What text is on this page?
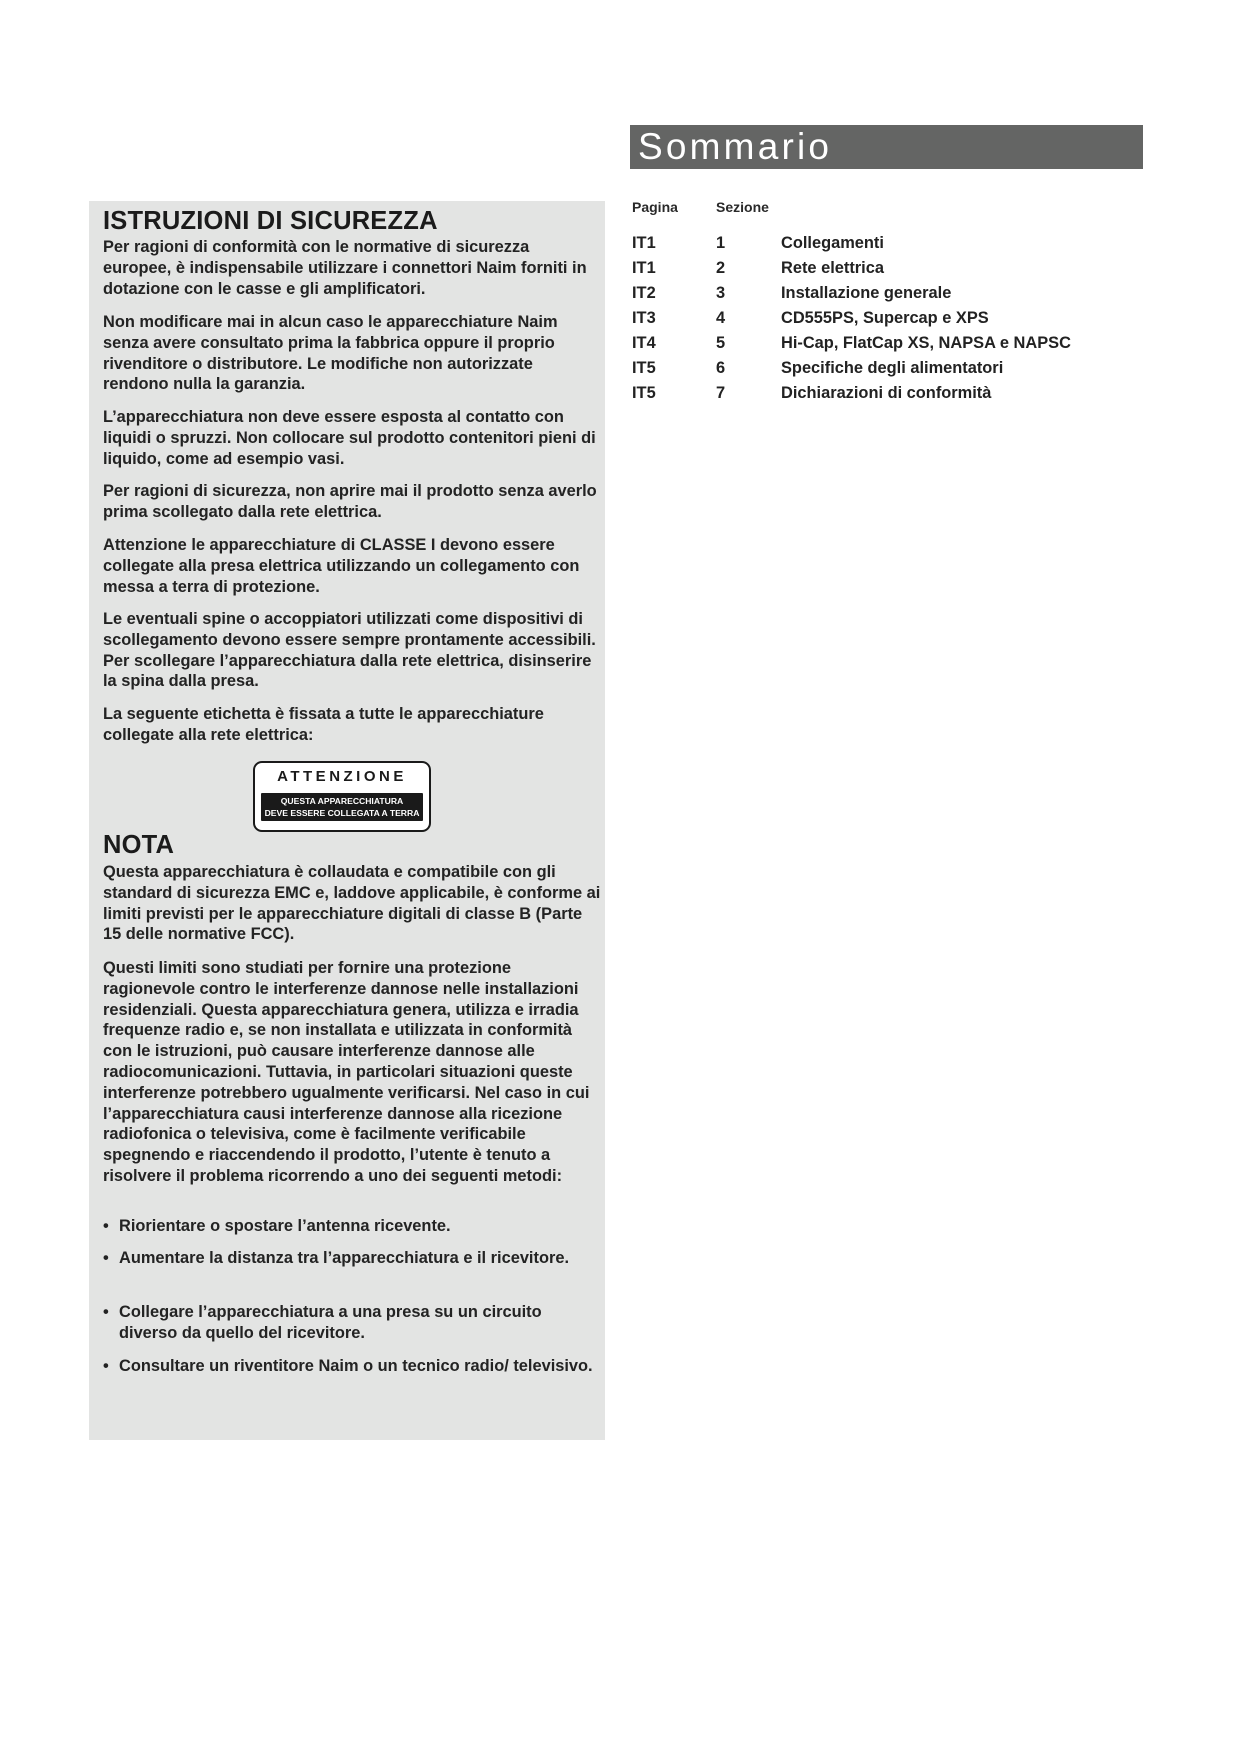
Sommario
Pagina	Sezione
IT1	1	Collegamenti
IT1	2	Rete elettrica
IT2	3	Installazione generale
IT3	4	CD555PS, Supercap e XPS
IT4	5	Hi-Cap, FlatCap XS, NAPSA e NAPSC
IT5	6	Specifiche degli alimentatori
IT5	7	Dichiarazioni di conformità
ISTRUZIONI DI SICUREZZA

Per ragioni di conformità con le normative di sicurezza europee, è indispensabile utilizzare i connettori Naim forniti in dotazione con le casse e gli amplificatori.

Non modificare mai in alcun caso le apparecchiature Naim senza avere consultato prima la fabbrica oppure il proprio rivenditore o distributore. Le modifiche non autorizzate rendono nulla la garanzia.

L’apparecchiatura non deve essere esposta al contatto con liquidi o spruzzi. Non collocare sul prodotto contenitori pieni di liquido, come ad esempio vasi.

Per ragioni di sicurezza, non aprire mai il prodotto senza averlo prima scollegato dalla rete elettrica.

Attenzione le apparecchiature di CLASSE I devono essere collegate alla presa elettrica utilizzando un collegamento con messa a terra di protezione.

Le eventuali spine o accoppiatori utilizzati come dispositivi di scollegamento devono essere sempre prontamente accessibili. Per scollegare l’apparecchiatura dalla rete elettrica, disinserire la spina dalla presa.

La seguente etichetta è fissata a tutte le apparecchiature collegate alla rete elettrica:

ATTENZIONE
QUESTA APPARECCHIATURA
DEVE ESSERE COLLEGATA A TERRA
NOTA

Questa apparecchiatura è collaudata e compatibile con gli standard di sicurezza EMC e, laddove applicabile, è conforme ai limiti previsti per le apparecchiature digitali di classe B (Parte 15 delle normative FCC).

Questi limiti sono studiati per fornire una protezione ragionevole contro le interferenze dannose nelle installazioni residenziali. Questa apparecchiatura genera, utilizza e irradia frequenze radio e, se non installata e utilizzata in conformità con le istruzioni, può causare interferenze dannose alle radiocomunicazioni. Tuttavia, in particolari situazioni queste interferenze potrebbero ugualmente verificarsi. Nel caso in cui l’apparecchiatura causi interferenze dannose alla ricezione radiofonica o televisiva, come è facilmente verificabile spegnendo e riaccendendo il prodotto, l’utente è tenuto a risolvere il problema ricorrendo a uno dei seguenti metodi:

• Riorientare o spostare l’antenna ricevente.
• Aumentare la distanza tra l’apparecchiatura e il ricevitore.
• Collegare l’apparecchiatura a una presa su un circuito diverso da quello del ricevitore.
• Consultare un riventitore Naim o un tecnico radio/ televisivo.
